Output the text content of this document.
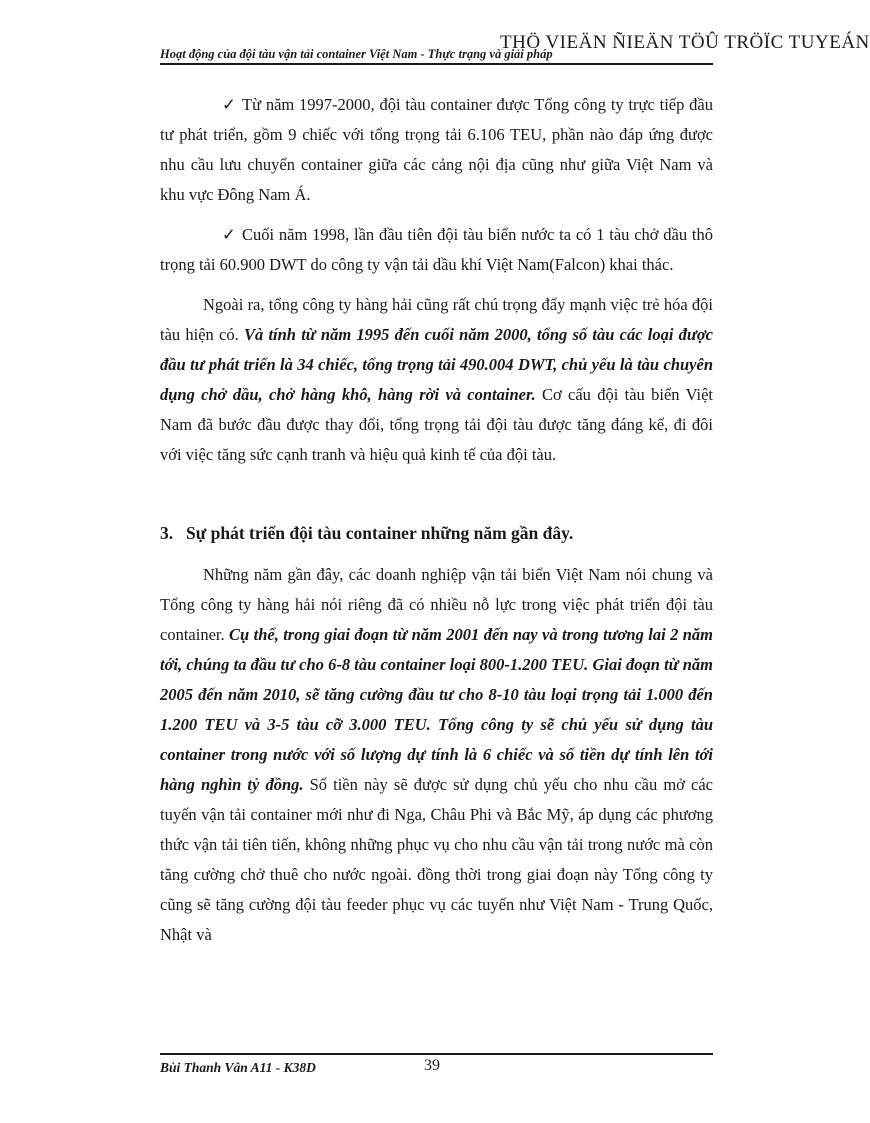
THÖ VIEÄN ÑIEÄN TÖÛ TRÖÏC TUYEÁN
Hoạt động của đội tàu vận tải container Việt Nam - Thực trạng và giải pháp

✓ Từ năm 1997-2000, đội tàu container được Tổng công ty trực tiếp đầu tư phát triển, gồm 9 chiếc với tổng trọng tải 6.106 TEU, phần nào đáp ứng được nhu cầu lưu chuyển container giữa các cảng nội địa cũng như giữa Việt Nam và khu vực Đông Nam Á.

✓ Cuối năm 1998, lần đầu tiên đội tàu biển nước ta có 1 tàu chở dầu thô trọng tải 60.900 DWT do công ty vận tải dầu khí Việt Nam(Falcon) khai thác.

Ngoài ra, tổng công ty hàng hải cũng rất chú trọng đẩy mạnh việc trẻ hóa đội tàu hiện có. Và tính từ năm 1995 đến cuối năm 2000, tổng số tàu các loại được đầu tư phát triển là 34 chiếc, tổng trọng tải 490.004 DWT, chủ yếu là tàu chuyên dụng chở dầu, chở hàng khô, hàng rời và container. Cơ cấu đội tàu biển Việt Nam đã bước đầu được thay đổi, tổng trọng tải đội tàu được tăng đáng kể, đi đôi với việc tăng sức cạnh tranh và hiệu quả kinh tế của đội tàu.

3. Sự phát triển đội tàu container những năm gần đây.

Những năm gần đây, các doanh nghiệp vận tải biển Việt Nam nói chung và Tổng công ty hàng hải nói riêng đã có nhiều nỗ lực trong việc phát triển đội tàu container. Cụ thể, trong giai đoạn từ năm 2001 đến nay và trong tương lai 2 năm tới, chúng ta đầu tư cho 6-8 tàu container loại 800-1.200 TEU. Giai đoạn từ năm 2005 đến năm 2010, sẽ tăng cường đầu tư cho 8-10 tàu loại trọng tải 1.000 đến 1.200 TEU và 3-5 tàu cỡ 3.000 TEU. Tổng công ty sẽ chủ yếu sử dụng tàu container trong nước với số lượng dự tính là 6 chiếc và số tiền dự tính lên tới hàng nghìn tỷ đồng. Số tiền này sẽ được sử dụng chủ yếu cho nhu cầu mở các tuyến vận tải container mới như đi Nga, Châu Phi và Bắc Mỹ, áp dụng các phương thức vận tải tiên tiến, không những phục vụ cho nhu cầu vận tải trong nước mà còn tăng cường chở thuê cho nước ngoài. đồng thời trong giai đoạn này Tổng công ty cũng sẽ tăng cường đội tàu feeder phục vụ các tuyến như Việt Nam - Trung Quốc, Nhật và

Bùi Thanh Vân A11 - K38D	39
